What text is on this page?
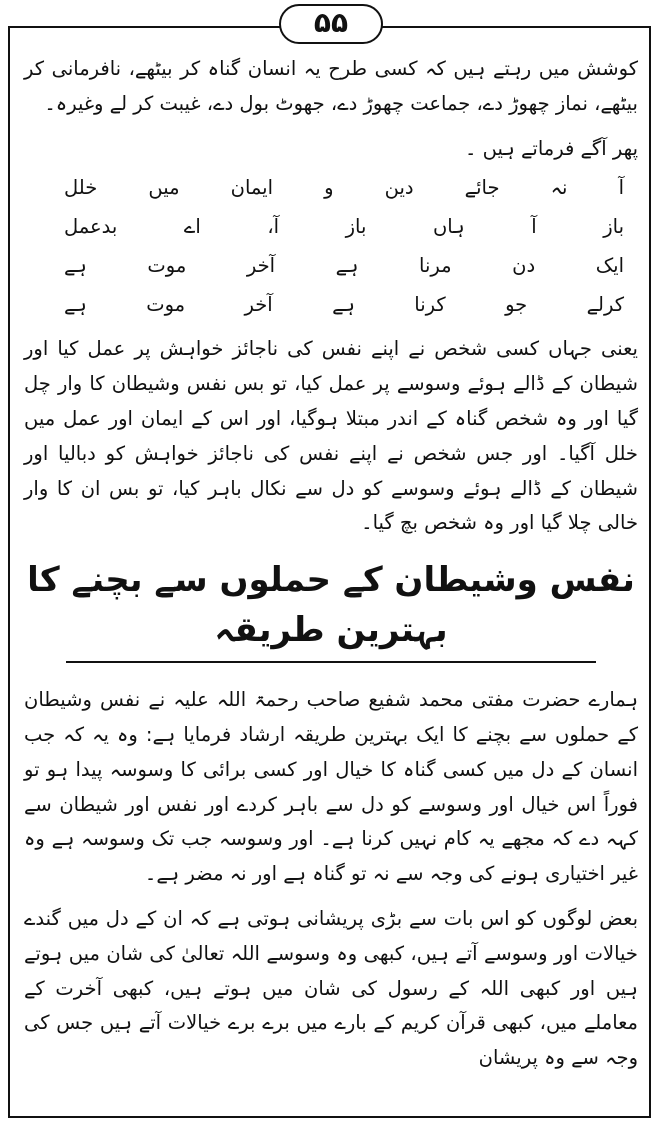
۵۵

کوشش میں رہتے ہیں کہ کسی طرح یہ انسان گناہ کر بیٹھے، نافرمانی کر بیٹھے، نماز چھوڑ دے، جماعت چھوڑ دے، جھوٹ بول دے، غیبت کر لے وغیرہ۔

پھر آگے فرماتے ہیں ۔

آ نہ جائے دین و ایمان میں خلل
باز آ ہاں باز آ، اے بدعمل
ایک دن مرنا ہے آخر موت ہے
کرلے جو کرنا ہے آخر موت ہے

یعنی جہاں کسی شخص نے اپنے نفس کی ناجائز خواہش پر عمل کیا اور شیطان کے ڈالے ہوئے وسوسے پر عمل کیا، تو بس نفس وشیطان کا وار چل گیا اور وہ شخص گناہ کے اندر مبتلا ہوگیا، اور اس کے ایمان اور عمل میں خلل آگیا۔ اور جس شخص نے اپنے نفس کی ناجائز خواہش کو دبالیا اور شیطان کے ڈالے ہوئے وسوسے کو دل سے نکال باہر کیا، تو بس ان کا وار خالی چلا گیا اور وہ شخص بچ گیا۔

نفس وشیطان کے حملوں سے بچنے کا بہترین طریقہ

ہمارے حضرت مفتی محمد شفیع صاحب رحمۃ اللہ علیہ نے نفس وشیطان کے حملوں سے بچنے کا ایک بہترین طریقہ ارشاد فرمایا ہے: وہ یہ کہ جب انسان کے دل میں کسی گناہ کا خیال اور کسی برائی کا وسوسہ پیدا ہو تو فوراً اس خیال اور وسوسے کو دل سے باہر کردے اور نفس اور شیطان سے کہہ دے کہ مجھے یہ کام نہیں کرنا ہے۔ اور وسوسہ جب تک وسوسہ ہے وہ غیر اختیاری ہونے کی وجہ سے نہ تو گناہ ہے اور نہ مضر ہے۔

بعض لوگوں کو اس بات سے بڑی پریشانی ہوتی ہے کہ ان کے دل میں گندے خیالات اور وسوسے آتے ہیں، کبھی وہ وسوسے اللہ تعالیٰ کی شان میں ہوتے ہیں اور کبھی اللہ کے رسول کی شان میں ہوتے ہیں، کبھی آخرت کے معاملے میں، کبھی قرآن کریم کے بارے میں برے برے خیالات آتے ہیں جس کی وجہ سے وہ پریشان
